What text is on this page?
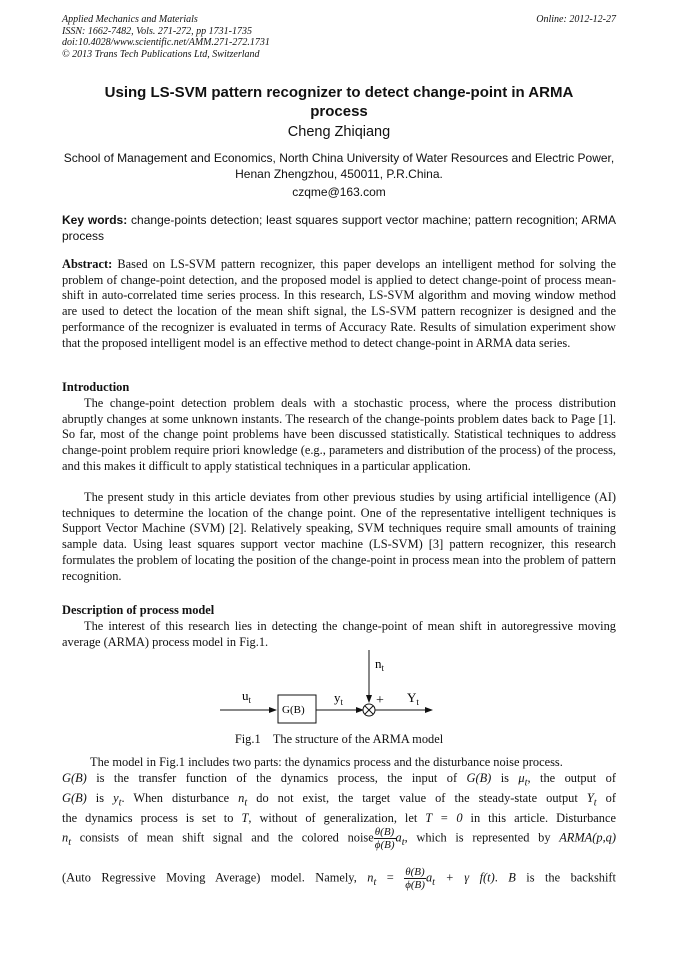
Applied Mechanics and Materials
ISSN: 1662-7482, Vols. 271-272, pp 1731-1735
doi:10.4028/www.scientific.net/AMM.271-272.1731
© 2013 Trans Tech Publications Ltd, Switzerland
Online: 2012-12-27
Using LS-SVM pattern recognizer to detect change-point in ARMA process
Cheng Zhiqiang
School of Management and Economics, North China University of Water Resources and Electric Power, Henan Zhengzhou, 450011, P.R.China.
czqme@163.com
Key words: change-points detection; least squares support vector machine; pattern recognition; ARMA process
Abstract: Based on LS-SVM pattern recognizer, this paper develops an intelligent method for solving the problem of change-point detection, and the proposed model is applied to detect change-point of process mean-shift in auto-correlated time series process. In this research, LS-SVM algorithm and moving window method are used to detect the location of the mean shift signal, the LS-SVM pattern recognizer is designed and the performance of the recognizer is evaluated in terms of Accuracy Rate. Results of simulation experiment show that the proposed intelligent model is an effective method to detect change-point in ARMA data series.
Introduction
The change-point detection problem deals with a stochastic process, where the process distribution abruptly changes at some unknown instants. The research of the change-points problem dates back to Page [1]. So far, most of the change point problems have been discussed statistically. Statistical techniques to address change-point problem require priori knowledge (e.g., parameters and distribution of the process) of the process, and this makes it difficult to apply statistical techniques in a particular application.
The present study in this article deviates from other previous studies by using artificial intelligence (AI) techniques to determine the location of the change point. One of the representative intelligent techniques is Support Vector Machine (SVM) [2]. Relatively speaking, SVM techniques require small amounts of training sample data. Using least squares support vector machine (LS-SVM) [3] pattern recognizer, this research formulates the problem of locating the position of the change-point in process mean into the problem of pattern recognition.
Description of process model
The interest of this research lies in detecting the change-point of mean shift in autoregressive moving average (ARMA) process model in Fig.1.
$u_t$
G(B)
$y_t$
$n_t$
+ $Y_t$
Fig.1    The structure of the ARMA model
The model in Fig.1 includes two parts: the dynamics process and the disturbance noise process.
G(B) is the transfer function of the dynamics process, the input of G(B) is $\mu_t$, the output of
G(B) is $y_t$. When disturbance $n_t$ do not exist, the target value of the steady-state output $Y_t$ of
the dynamics process is set to T, without of generalization, let T = 0 in this article. Disturbance
$n_t$ consists of mean shift signal and the colored noise $\frac{\theta(B)}{\phi(B)} a_t$, which is represented by ARMA(p,q)
(Auto Regressive Moving Average) model. Namely, $n_t = \frac{\theta(B)}{\phi(B)} a_t + \gamma$ f(t). B is the backshift
